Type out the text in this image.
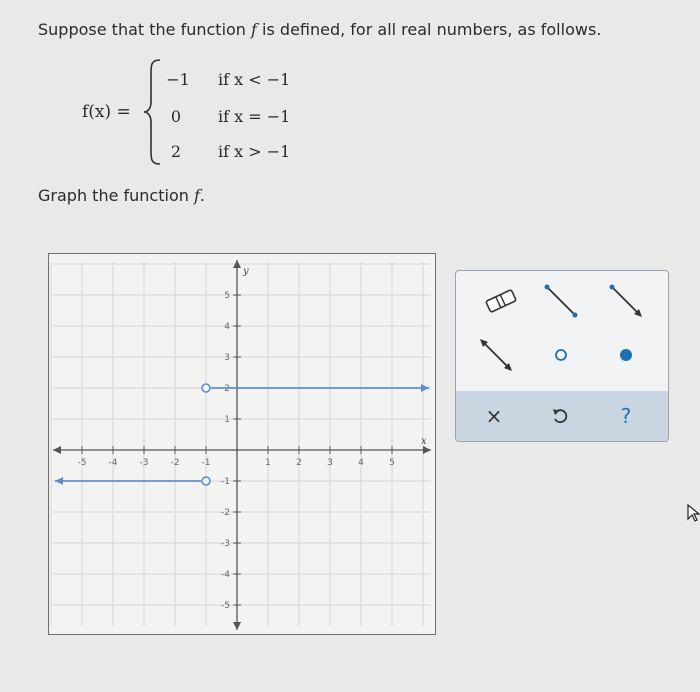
Suppose that the function f is defined, for all real numbers, as follows.
f(x) =
−1	if x < −1
0	if x = −1
2	if x > −1
Graph the function f.
x
y
-5 -4 -3 -2 -1	1	2	3	4	5
5
4
3
2
1
-1
-2
-3
-4
-5
×	?
